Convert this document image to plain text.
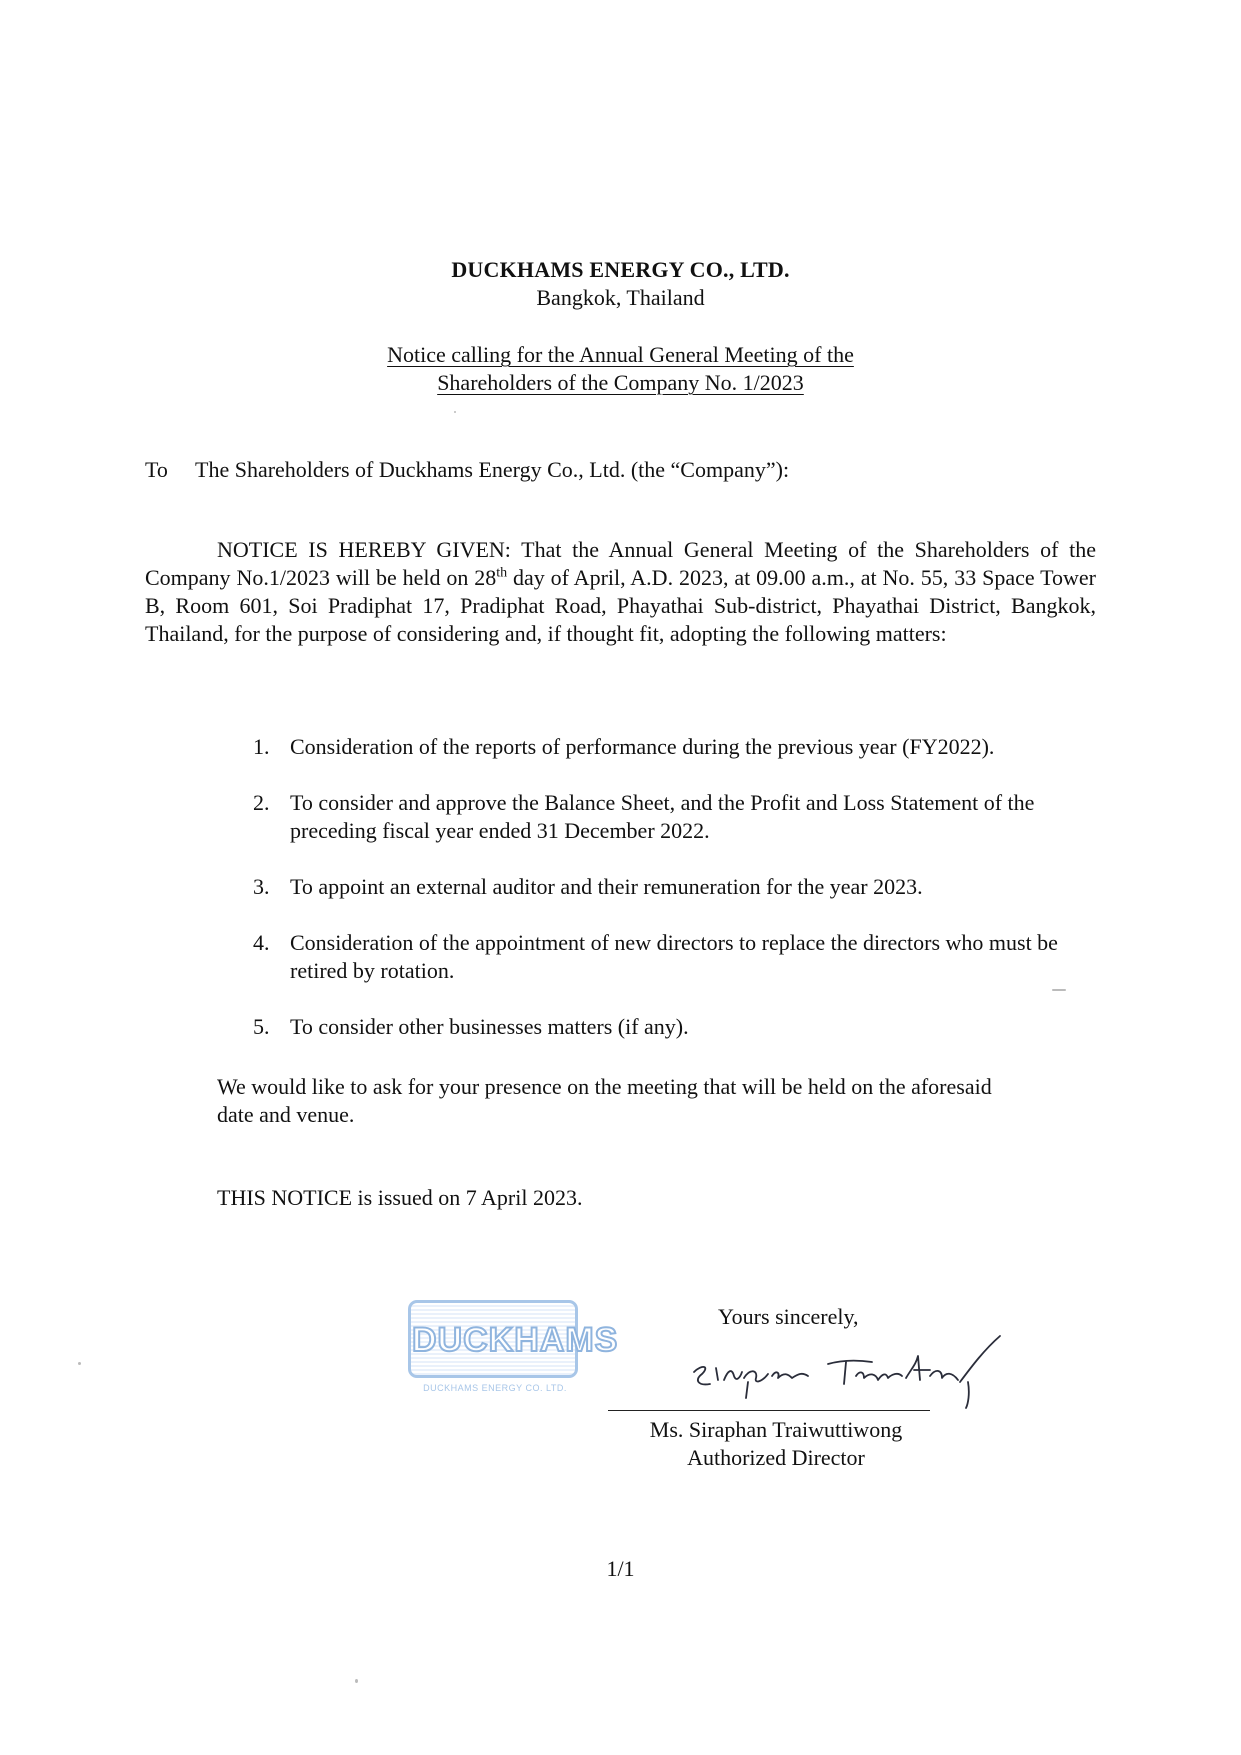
DUCKHAMS ENERGY CO., LTD.
Bangkok, Thailand
Notice calling for the Annual General Meeting of the
Shareholders of the Company No. 1/2023
To The Shareholders of Duckhams Energy Co., Ltd. (the “Company”):
NOTICE IS HEREBY GIVEN: That the Annual General Meeting of the Shareholders of the Company No.1/2023 will be held on 28th day of April, A.D. 2023, at 09.00 a.m., at No. 55, 33 Space Tower B, Room 601, Soi Pradiphat 17, Pradiphat Road, Phayathai Sub-district, Phayathai District, Bangkok, Thailand, for the purpose of considering and, if thought fit, adopting the following matters:
1. Consideration of the reports of performance during the previous year (FY2022).
2. To consider and approve the Balance Sheet, and the Profit and Loss Statement of the preceding fiscal year ended 31 December 2022.
3. To appoint an external auditor and their remuneration for the year 2023.
4. Consideration of the appointment of new directors to replace the directors who must be retired by rotation.
5. To consider other businesses matters (if any).
We would like to ask for your presence on the meeting that will be held on the aforesaid
date and venue.
THIS NOTICE is issued on 7 April 2023.
DUCKHAMS
DUCKHAMS ENERGY CO. LTD.
Yours sincerely,
Ms. Siraphan Traiwuttiwong
Authorized Director
1/1
